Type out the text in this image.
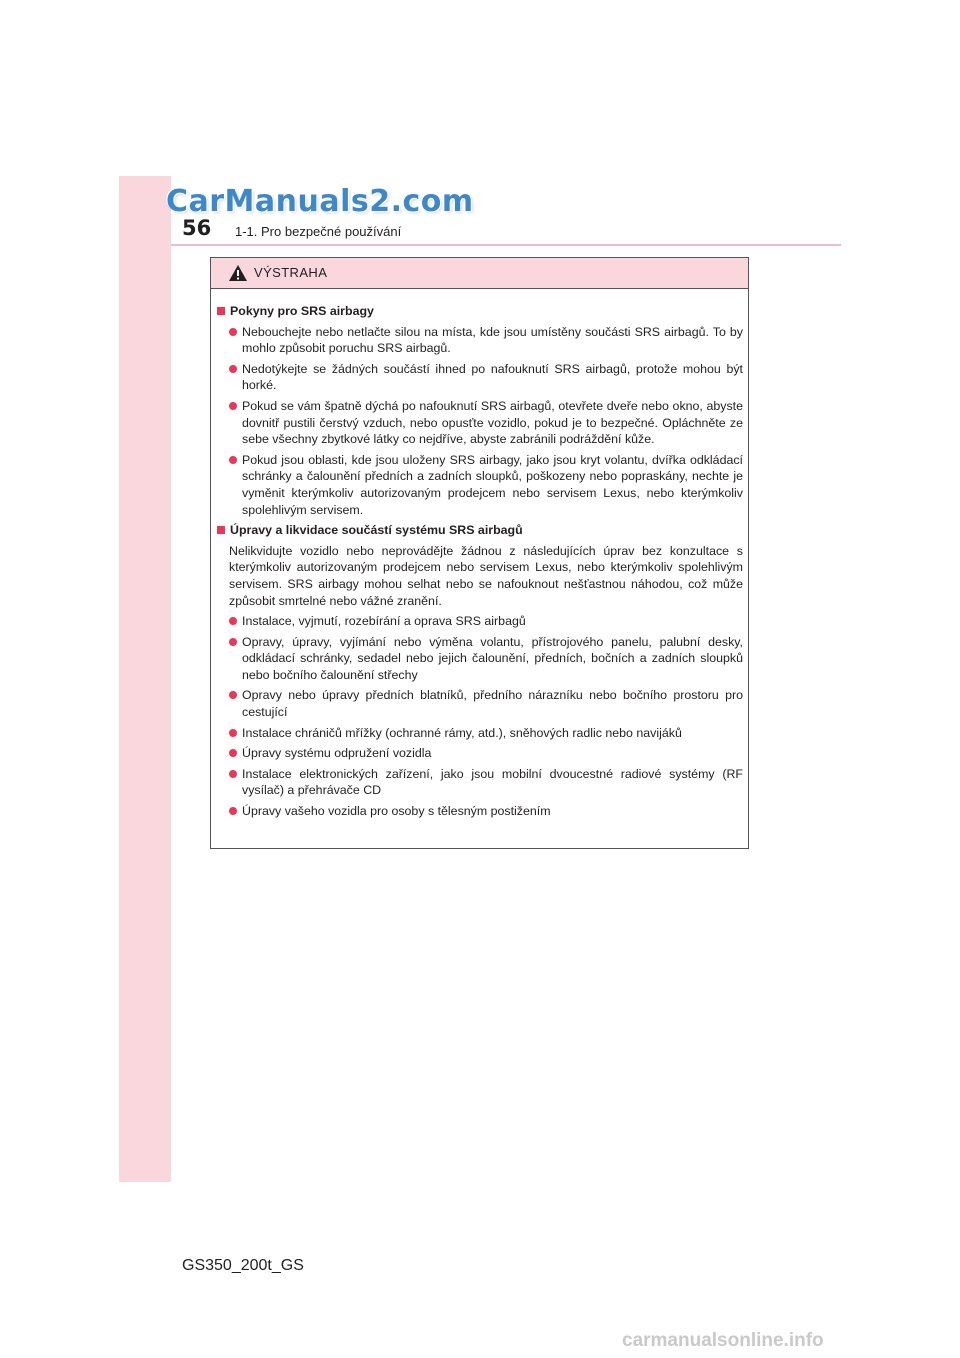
CarManuals2.com
56 1-1. Pro bezpečné používání
VÝSTRAHA
Pokyny pro SRS airbagy
Nebouchejte nebo netlačte silou na místa, kde jsou umístěny součásti SRS airbagů. To by mohlo způsobit poruchu SRS airbagů.
Nedotýkejte se žádných součástí ihned po nafouknutí SRS airbagů, protože mohou být horké.
Pokud se vám špatně dýchá po nafouknutí SRS airbagů, otevřete dveře nebo okno, abyste dovnitř pustili čerstvý vzduch, nebo opusťte vozidlo, pokud je to bezpečné. Opláchněte ze sebe všechny zbytkové látky co nejdříve, abyste zabránili podráždění kůže.
Pokud jsou oblasti, kde jsou uloženy SRS airbagy, jako jsou kryt volantu, dvířka odkládací schránky a čalounění předních a zadních sloupků, poškozeny nebo popraskány, nechte je vyměnit kterýmkoliv autorizovaným prodejcem nebo servisem Lexus, nebo kterýmkoliv spolehlivým servisem.
Úpravy a likvidace součástí systému SRS airbagů
Nelikvidujte vozidlo nebo neprovádějte žádnou z následujících úprav bez konzultace s kterýmkoliv autorizovaným prodejcem nebo servisem Lexus, nebo kterýmkoliv spolehlivým servisem. SRS airbagy mohou selhat nebo se nafouknout nešťastnou náhodou, což může způsobit smrtelné nebo vážné zranění.
Instalace, vyjmutí, rozebírání a oprava SRS airbagů
Opravy, úpravy, vyjímání nebo výměna volantu, přístrojového panelu, palubní desky, odkládací schránky, sedadel nebo jejich čalounění, předních, bočních a zadních sloupků nebo bočního čalounění střechy
Opravy nebo úpravy předních blatníků, předního nárazníku nebo bočního prostoru pro cestující
Instalace chráničů mřížky (ochranné rámy, atd.), sněhových radlic nebo navijáků
Úpravy systému odpružení vozidla
Instalace elektronických zařízení, jako jsou mobilní dvoucestné radiové systémy (RF vysílač) a přehrávače CD
Úpravy vašeho vozidla pro osoby s tělesným postižením
GS350_200t_GS
carmanualsonline.info
